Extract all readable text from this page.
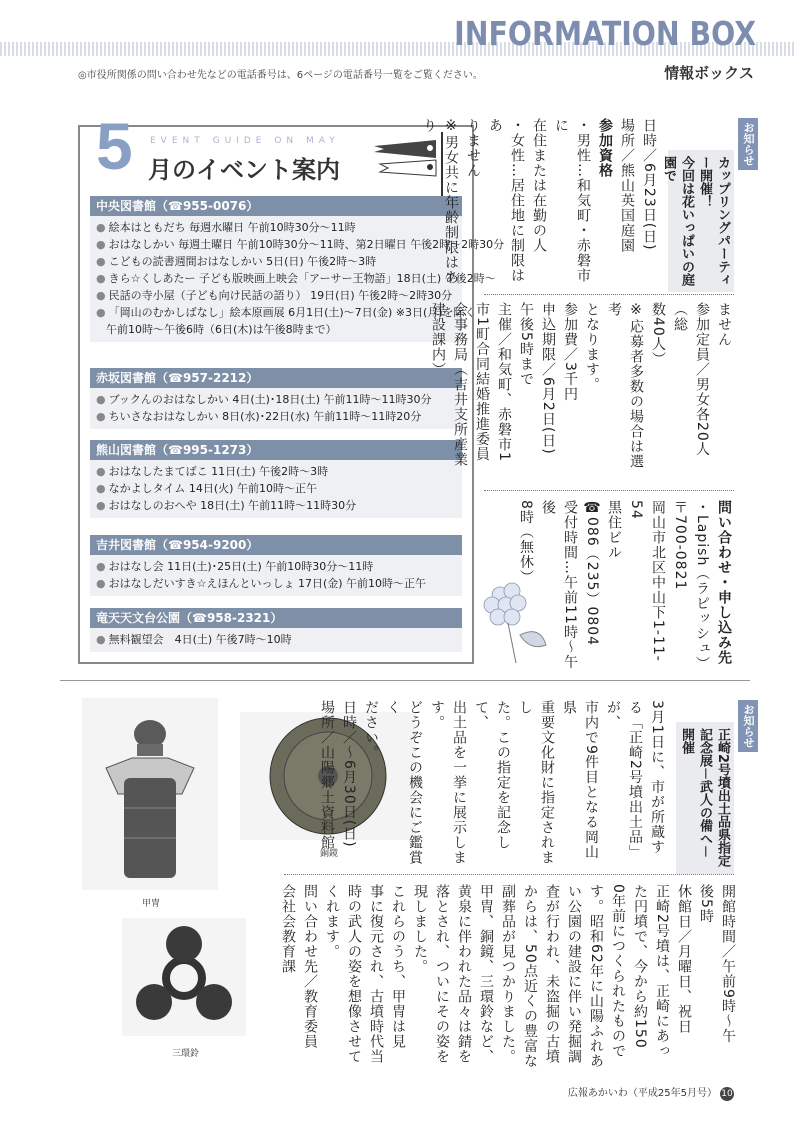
INFORMATION BOX
情報ボックス
◎市役所関係の問い合わせ先などの電話番号は、6ページの電話番号一覧をご覧ください。
5 EVENT GUIDE ON MAY
月のイベント案内
中央図書館（☎955-0076）
● 絵本はともだち 毎週水曜日 午前10時30分～11時
● おはなしかい 毎週土曜日 午前10時30分～11時、第2日曜日 午後2時～2時30分
● こどもの読書週間おはなしかい 5日(日) 午後2時～3時
● きら☆くしあたー 子ども版映画上映会「アーサー王物語」18日(土) 午後2時～
● 民話の寺小屋（子ども向け民話の語り） 19日(日) 午後2時～2時30分
● 「岡山のむかしばなし」絵本原画展 6月1日(土)～7日(金) ※3日(月)を除く
午前10時～午後6時（6日(木)は午後8時まで）
赤坂図書館（☎957-2212）
● ブックんのおはなしかい 4日(土)･18日(土) 午前11時～11時30分
● ちいさなおはなしかい 8日(水)･22日(水) 午前11時～11時20分
熊山図書館（☎995-1273）
● おはなしたまてばこ 11日(土) 午後2時～3時
● なかよしタイム 14日(火) 午前10時～正午
● おはなしのおへや 18日(土) 午前11時～11時30分
吉井図書館（☎954-9200）
● おはなし会 11日(土)･25日(土) 午前10時30分～11時
● おはなしだいすき☆えほんといっしょ 17日(金) 午前10時～正午
竜天天文台公園（☎958-2321）
● 無料観望会　4日(土) 午後7時～10時
お知らせ
カップリングパーティー開催！
今回は花いっぱいの庭園で
日時／6月23日(日)
場所／熊山英国庭園
参加資格
・男性…和気町・赤磐市に
在住または在勤の人
・女性…居住地に制限はあ
りません
※男女共に年齢制限はあり
ません
参加定員／男女各20人（総
数40人）
※応募者多数の場合は選考
となります。
参加費／3千円
申込期限／6月2日(日)
午後5時まで
主催／和気町、赤磐市1
市1町合同結婚推進委員
会事務局（吉井支所産業
建設課内）
問い合わせ・申し込み先
・Lapish（ラピッシュ）
〒700-0821
岡山市北区中山下1-11-54
黒住ビル
☎086（235）0804
受付時間…午前11時～午後
8時（無休）
甲冑
銅鏡
三環鈴
お知らせ
正崎2号墳出土品県指定
記念展－武人の備へ－開催
3月1日に、市が所蔵す
る「正崎2号墳出土品」が、
市内で9件目となる岡山県
重要文化財に指定されまし
た。この指定を記念して、
出土品を一挙に展示します。
どうぞこの機会にご鑑賞く
ださい。
日時／～6月30日(日)
場所／山陽郷土資料館
開館時間／午前9時～午
後5時
休館日／月曜日、祝日
正崎2号墳は、正崎にあっ
た円墳で、今から約150
0年前につくられたもので
す。昭和62年に山陽ふれあ
い公園の建設に伴い発掘調
査が行われ、未盗掘の古墳
からは、50点近くの豊富な
副葬品が見つかりました。
甲冑、銅鏡、三環鈴など、
黄泉に伴われた品々は錆を
落とされ、ついにその姿を
現しました。
これらのうち、甲冑は見
事に復元され、古墳時代当
時の武人の姿を想像させて
くれます。
問い合わせ先／教育委員
会社会教育課
広報あかいわ（平成25年5月号） 10
